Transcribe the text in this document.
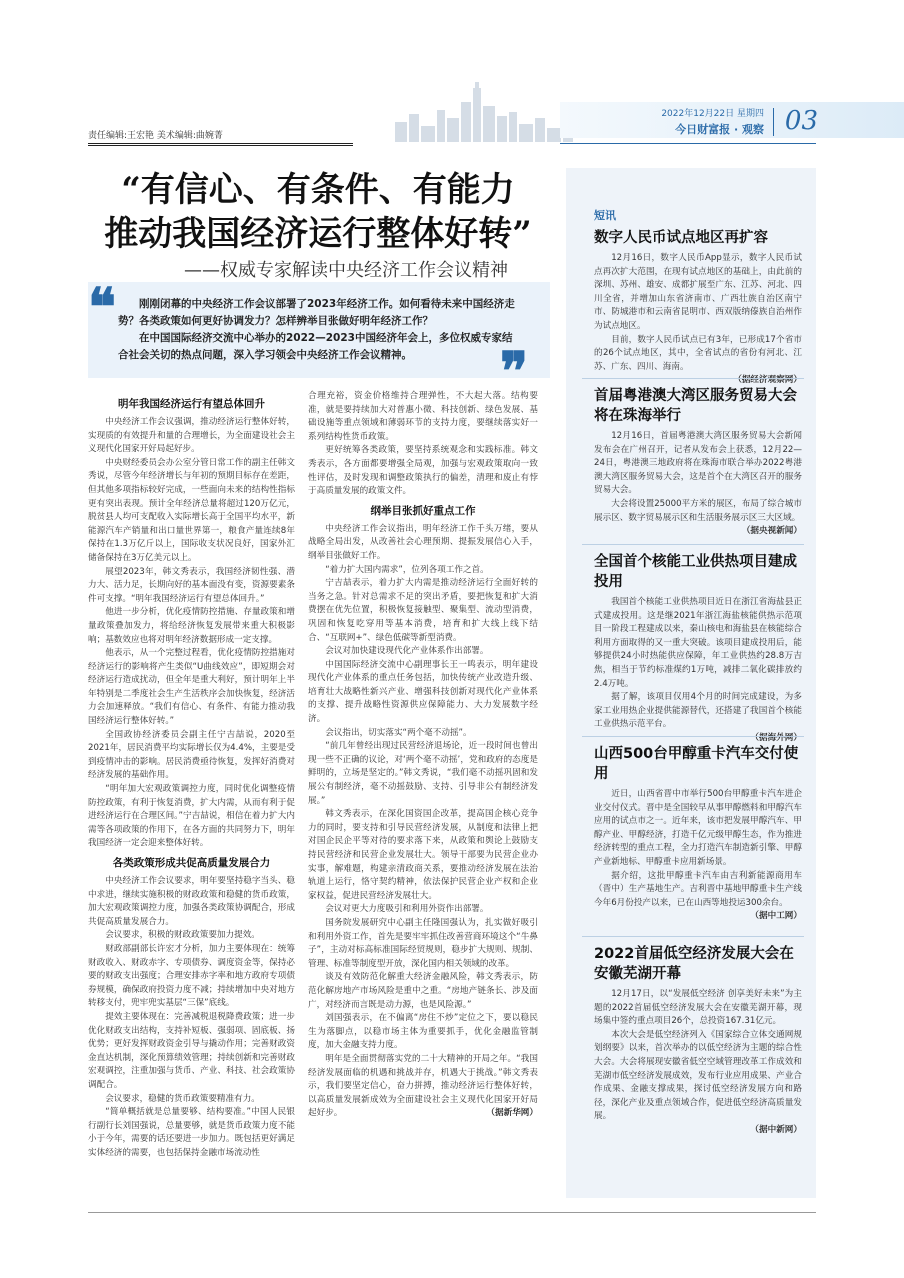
2022年12月22日 星期四
今日财富报 · 观察 03
责任编辑:王宏艳 美术编辑:曲婉菁
“有信心、有条件、有能力
推动我国经济运行整体好转”
——权威专家解读中央经济工作会议精神
❝
❞

刚刚闭幕的中央经济工作会议部署了2023年经济工作。如何看待未来中国经济走势？各类政策如何更好协调发力？怎样辨举目张做好明年经济工作？

在中国国际经济交流中心举办的2022—2023中国经济年会上，多位权威专家结合社会关切的热点问题，深入学习领会中央经济工作会议精神。

明年我国经济运行有望总体回升

中央经济工作会议强调，推动经济运行整体好转，实现质的有效提升和量的合理增长，为全面建设社会主义现代化国家开好局起好步。

中央财经委员会办公室分管日常工作的副主任韩文秀说，尽管今年经济增长与年初的预期目标存在差距，但其他多项指标较好完成，一些面向未来的结构性指标更有突出表现。预计全年经济总量将超过120万亿元，脱贫县人均可支配收入实际增长高于全国平均水平，新能源汽车产销量和出口量世界第一，粮食产量连续8年保持在1.3万亿斤以上，国际收支状况良好，国家外汇储备保持在3万亿美元以上。

展望2023年，韩文秀表示，我国经济韧性强、潜力大、活力足，长期向好的基本面没有变，资源要素条件可支撑。“明年我国经济运行有望总体回升。”

他进一步分析，优化疫情防控措施、存量政策和增量政策叠加发力，将给经济恢复发展带来重大积极影响；基数效应也将对明年经济数据形成一定支撑。

他表示，从一个完整过程看，优化疫情防控措施对经济运行的影响将产生类似“U曲线效应”，即短期会对经济运行造成扰动，但全年是重大利好，预计明年上半年特别是二季度社会生产生活秩序会加快恢复，经济活力会加速释放。“我们有信心、有条件、有能力推动我国经济运行整体好转。”

全国政协经济委员会副主任宁吉喆说，2020至2021年，居民消费平均实际增长仅为4.4%，主要是受到疫情冲击的影响。居民消费亟待恢复，发挥好消费对经济发展的基础作用。

“明年加大宏观政策调控力度，同时优化调整疫情防控政策，有利于恢复消费，扩大内需，从而有利于促进经济运行在合理区间。”宁吉喆说，相信在着力扩大内需等各项政策的作用下，在各方面的共同努力下，明年我国经济一定会迎来整体好转。

各类政策形成共促高质量发展合力

中央经济工作会议要求，明年要坚持稳字当头、稳中求进，继续实施积极的财政政策和稳健的货币政策，加大宏观政策调控力度，加强各类政策协调配合，形成共促高质量发展合力。

会议要求，积极的财政政策要加力提效。

财政部副部长许宏才分析，加力主要体现在：统筹财政收入、财政赤字、专项债券、调度资金等，保持必要的财政支出强度；合理安排赤字率和地方政府专项债券规模，确保政府投资力度不减；持续增加中央对地方转移支付，兜牢兜实基层“三保”底线。

提效主要体现在：完善减税退税降费政策；进一步优化财政支出结构，支持补短板、强弱项、固底板、扬优势；更好发挥财政资金引导与撬动作用；完善财政资金直达机制，深化预算绩效管理；持续创新和完善财政宏观调控，注重加强与货币、产业、科技、社会政策协调配合。

会议要求，稳健的货币政策要精准有力。

“简单概括就是总量要够、结构要准。”中国人民银行副行长刘国强说，总量要够，就是货币政策力度不能小于今年，需要的话还要进一步加力。既包括更好满足实体经济的需要，也包括保持金融市场流动性

合理充裕，资金价格维持合理弹性，不大起大落。结构要准，就是要持续加大对普惠小微、科技创新、绿色发展、基础设施等重点领域和薄弱环节的支持力度，要继续落实好一系列结构性货币政策。

更好统筹各类政策，要坚持系统观念和实践标准。韩文秀表示，各方面都要增强全局观，加强与宏观政策取向一致性评估，及时发现和调整政策执行的偏差，清理和废止有悖于高质量发展的政策文件。

纲举目张抓好重点工作

中央经济工作会议指出，明年经济工作千头万绪，要从战略全局出发，从改善社会心理预期、提振发展信心入手，纲举目张做好工作。

“着力扩大国内需求”，位列各项工作之首。

宁吉喆表示，着力扩大内需是推动经济运行全面好转的当务之急。针对总需求不足的突出矛盾，要把恢复和扩大消费摆在优先位置，积极恢复接触型、聚集型、流动型消费，巩固和恢复吃穿用等基本消费，培育和扩大线上线下结合、“互联网+”、绿色低碳等新型消费。

会议对加快建设现代化产业体系作出部署。

中国国际经济交流中心副理事长王一鸣表示，明年建设现代化产业体系的重点任务包括，加快传统产业改造升级、培育壮大战略性新兴产业、增强科技创新对现代化产业体系的支撑、提升战略性资源供应保障能力、大力发展数字经济。

会议指出，切实落实“两个毫不动摇”。

“前几年曾经出现过民营经济退场论，近一段时间也曾出现一些不正确的议论，对‘两个毫不动摇’，党和政府的态度是鲜明的，立场是坚定的。”韩文秀说，“我们毫不动摇巩固和发展公有制经济，毫不动摇鼓励、支持、引导非公有制经济发展。”

韩文秀表示，在深化国资国企改革，提高国企核心竞争力的同时，要支持和引导民营经济发展，从制度和法律上把对国企民企平等对待的要求落下来，从政策和舆论上鼓励支持民营经济和民营企业发展壮大。领导干部要为民营企业办实事，解难题，构建亲清政商关系，要推动经济发展在法治轨道上运行，恪守契约精神，依法保护民营企业产权和企业家权益，促进民营经济发展壮大。

会议对更大力度吸引和利用外资作出部署。

国务院发展研究中心副主任隆国强认为，扎实做好吸引和利用外资工作，首先是要牢牢抓住改善营商环境这个“牛鼻子”，主动对标高标准国际经贸规则，稳步扩大规则、规制、管理、标准等制度型开放，深化国内相关领域的改革。

谈及有效防范化解重大经济金融风险，韩文秀表示，防范化解房地产市场风险是重中之重。“房地产链条长、涉及面广，对经济而言既是动力源，也是风险源。”

刘国强表示，在不偏离“房住不炒”定位之下，要以稳民生为落脚点，以稳市场主体为重要抓手，优化金融监管制度，加大金融支持力度。

明年是全面贯彻落实党的二十大精神的开局之年。“我国经济发展面临的机遇和挑战并存，机遇大于挑战。”韩文秀表示，我们要坚定信心，奋力拼搏，推动经济运行整体好转，以高质量发展新成效为全面建设社会主义现代化国家开好局起好步。	（据新华网）

短讯
数字人民币试点地区再扩容

12月16日，数字人民币App显示，数字人民币试点再次扩大范围，在现有试点地区的基础上，由此前的深圳、苏州、雄安、成都扩展至广东、江苏、河北、四川全省，并增加山东省济南市、广西壮族自治区南宁市、防城港市和云南省昆明市、西双版纳傣族自治州作为试点地区。

目前，数字人民币试点已有3年，已形成17个省市的26个试点地区，其中，全省试点的省份有河北、江苏、广东、四川、海南。

（据经济观察网）
首届粤港澳大湾区服务贸易大会将在珠海举行

12月16日，首届粤港澳大湾区服务贸易大会新闻发布会在广州召开，记者从发布会上获悉，12月22—24日，粤港澳三地政府将在珠海市联合举办2022粤港澳大湾区服务贸易大会，这是首个在大湾区召开的服务贸易大会。

大会将设置25000平方米的展区，布局了综合城市展示区、数字贸易展示区和生活服务展示区三大区域。

（据央视新闻）
全国首个核能工业供热项目建成投用

我国首个核能工业供热项目近日在浙江省海盐县正式建成投用。这是继2021年浙江海盐核能供热示范项目一阶段工程建成以来，秦山核电和海盐县在核能综合利用方面取得的又一重大突破。该项目建成投用后，能够提供24小时热能供应保障，年工业供热约28.8万吉焦，相当于节约标准煤约1万吨，减排二氧化碳排放约2.4万吨。

据了解，该项目仅用4个月的时间完成建设，为多家工业用热企业提供能源替代，还搭建了我国首个核能工业供热示范平台。

（据海外网）
山西500台甲醇重卡汽车交付使用

近日，山西省晋中市举行500台甲醇重卡汽车进企业交付仪式。晋中是全国较早从事甲醇燃料和甲醇汽车应用的试点市之一。近年来，该市把发展甲醇汽车、甲醇产业、甲醇经济，打造千亿元级甲醇生态，作为推进经济转型的重点工程，全力打造汽车制造新引擎、甲醇产业新地标、甲醇重卡应用新场景。

据介绍，这批甲醇重卡汽车由吉利新能源商用车（晋中）生产基地生产。吉利晋中基地甲醇重卡生产线今年6月份投产以来，已在山西等地投运300余台。

（据中工网）
2022首届低空经济发展大会在安徽芜湖开幕

12月17日，以“发展低空经济 创享美好未来”为主题的2022首届低空经济发展大会在安徽芜湖开幕，现场集中签约重点项目26个，总投资167.31亿元。

本次大会是低空经济列入《国家综合立体交通网规划纲要》以来，首次举办的以低空经济为主题的综合性大会。大会将展现安徽省低空空域管理改革工作成效和芜湖市低空经济发展成效，发布行业应用成果、产业合作成果、金融支撑成果，探讨低空经济发展方向和路径，深化产业及重点领域合作，促进低空经济高质量发展。

（据中新网）
